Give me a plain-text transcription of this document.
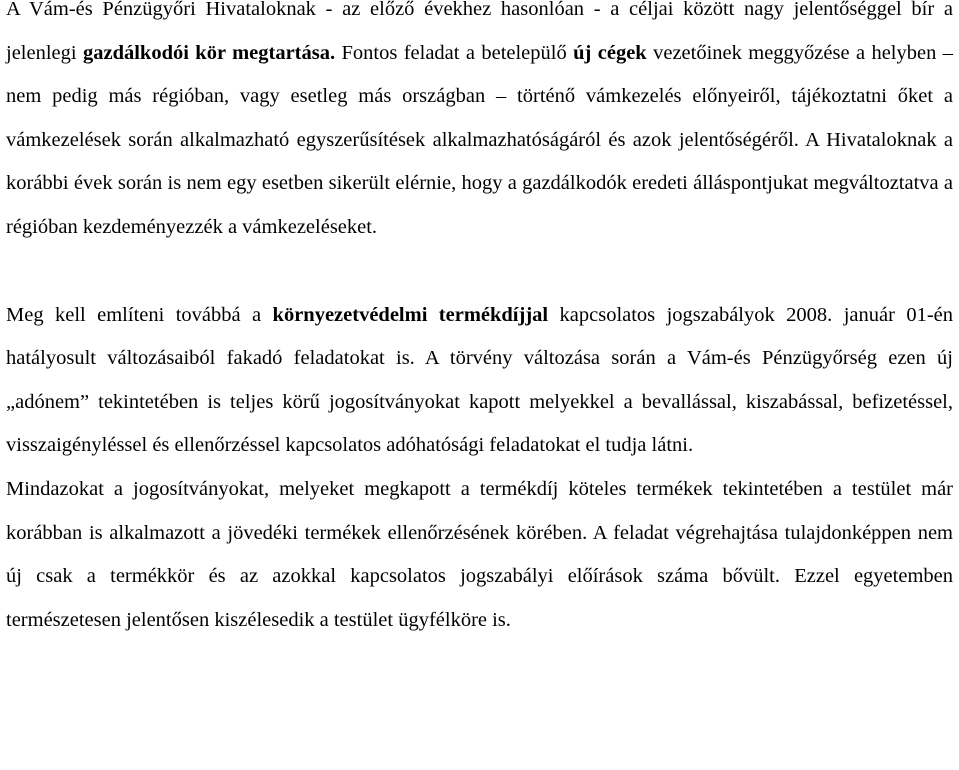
A Vám-és Pénzügyőri Hivataloknak - az előző évekhez hasonlóan - a céljai között nagy jelentőséggel bír a jelenlegi gazdálkodói kör megtartása. Fontos feladat a betelepülő új cégek vezetőinek meggyőzése a helyben – nem pedig más régióban, vagy esetleg más országban – történő vámkezelés előnyeiről, tájékoztatni őket a vámkezelések során alkalmazható egyszerűsítések alkalmazhatóságáról és azok jelentőségéről. A Hivataloknak a korábbi évek során is nem egy esetben sikerült elérnie, hogy a gazdálkodók eredeti álláspontjukat megváltoztatva a régióban kezdeményezzék a vámkezeléseket.

Meg kell említeni továbbá a környezetvédelmi termékdíjjal kapcsolatos jogszabályok 2008. január 01-én hatályosult változásaiból fakadó feladatokat is. A törvény változása során a Vám-és Pénzügyőrség ezen új „adónem” tekintetében is teljes körű jogosítványokat kapott melyekkel a bevallással, kiszabással, befizetéssel, visszaigényléssel és ellenőrzéssel kapcsolatos adóhatósági feladatokat el tudja látni.

Mindazokat a jogosítványokat, melyeket megkapott a termékdíj köteles termékek tekintetében a testület már korábban is alkalmazott a jövedéki termékek ellenőrzésének körében. A feladat végrehajtása tulajdonképpen nem új csak a termékkör és az azokkal kapcsolatos jogszabályi előírások száma bővült. Ezzel egyetemben természetesen jelentősen kiszélesedik a testület ügyfélköre is.
